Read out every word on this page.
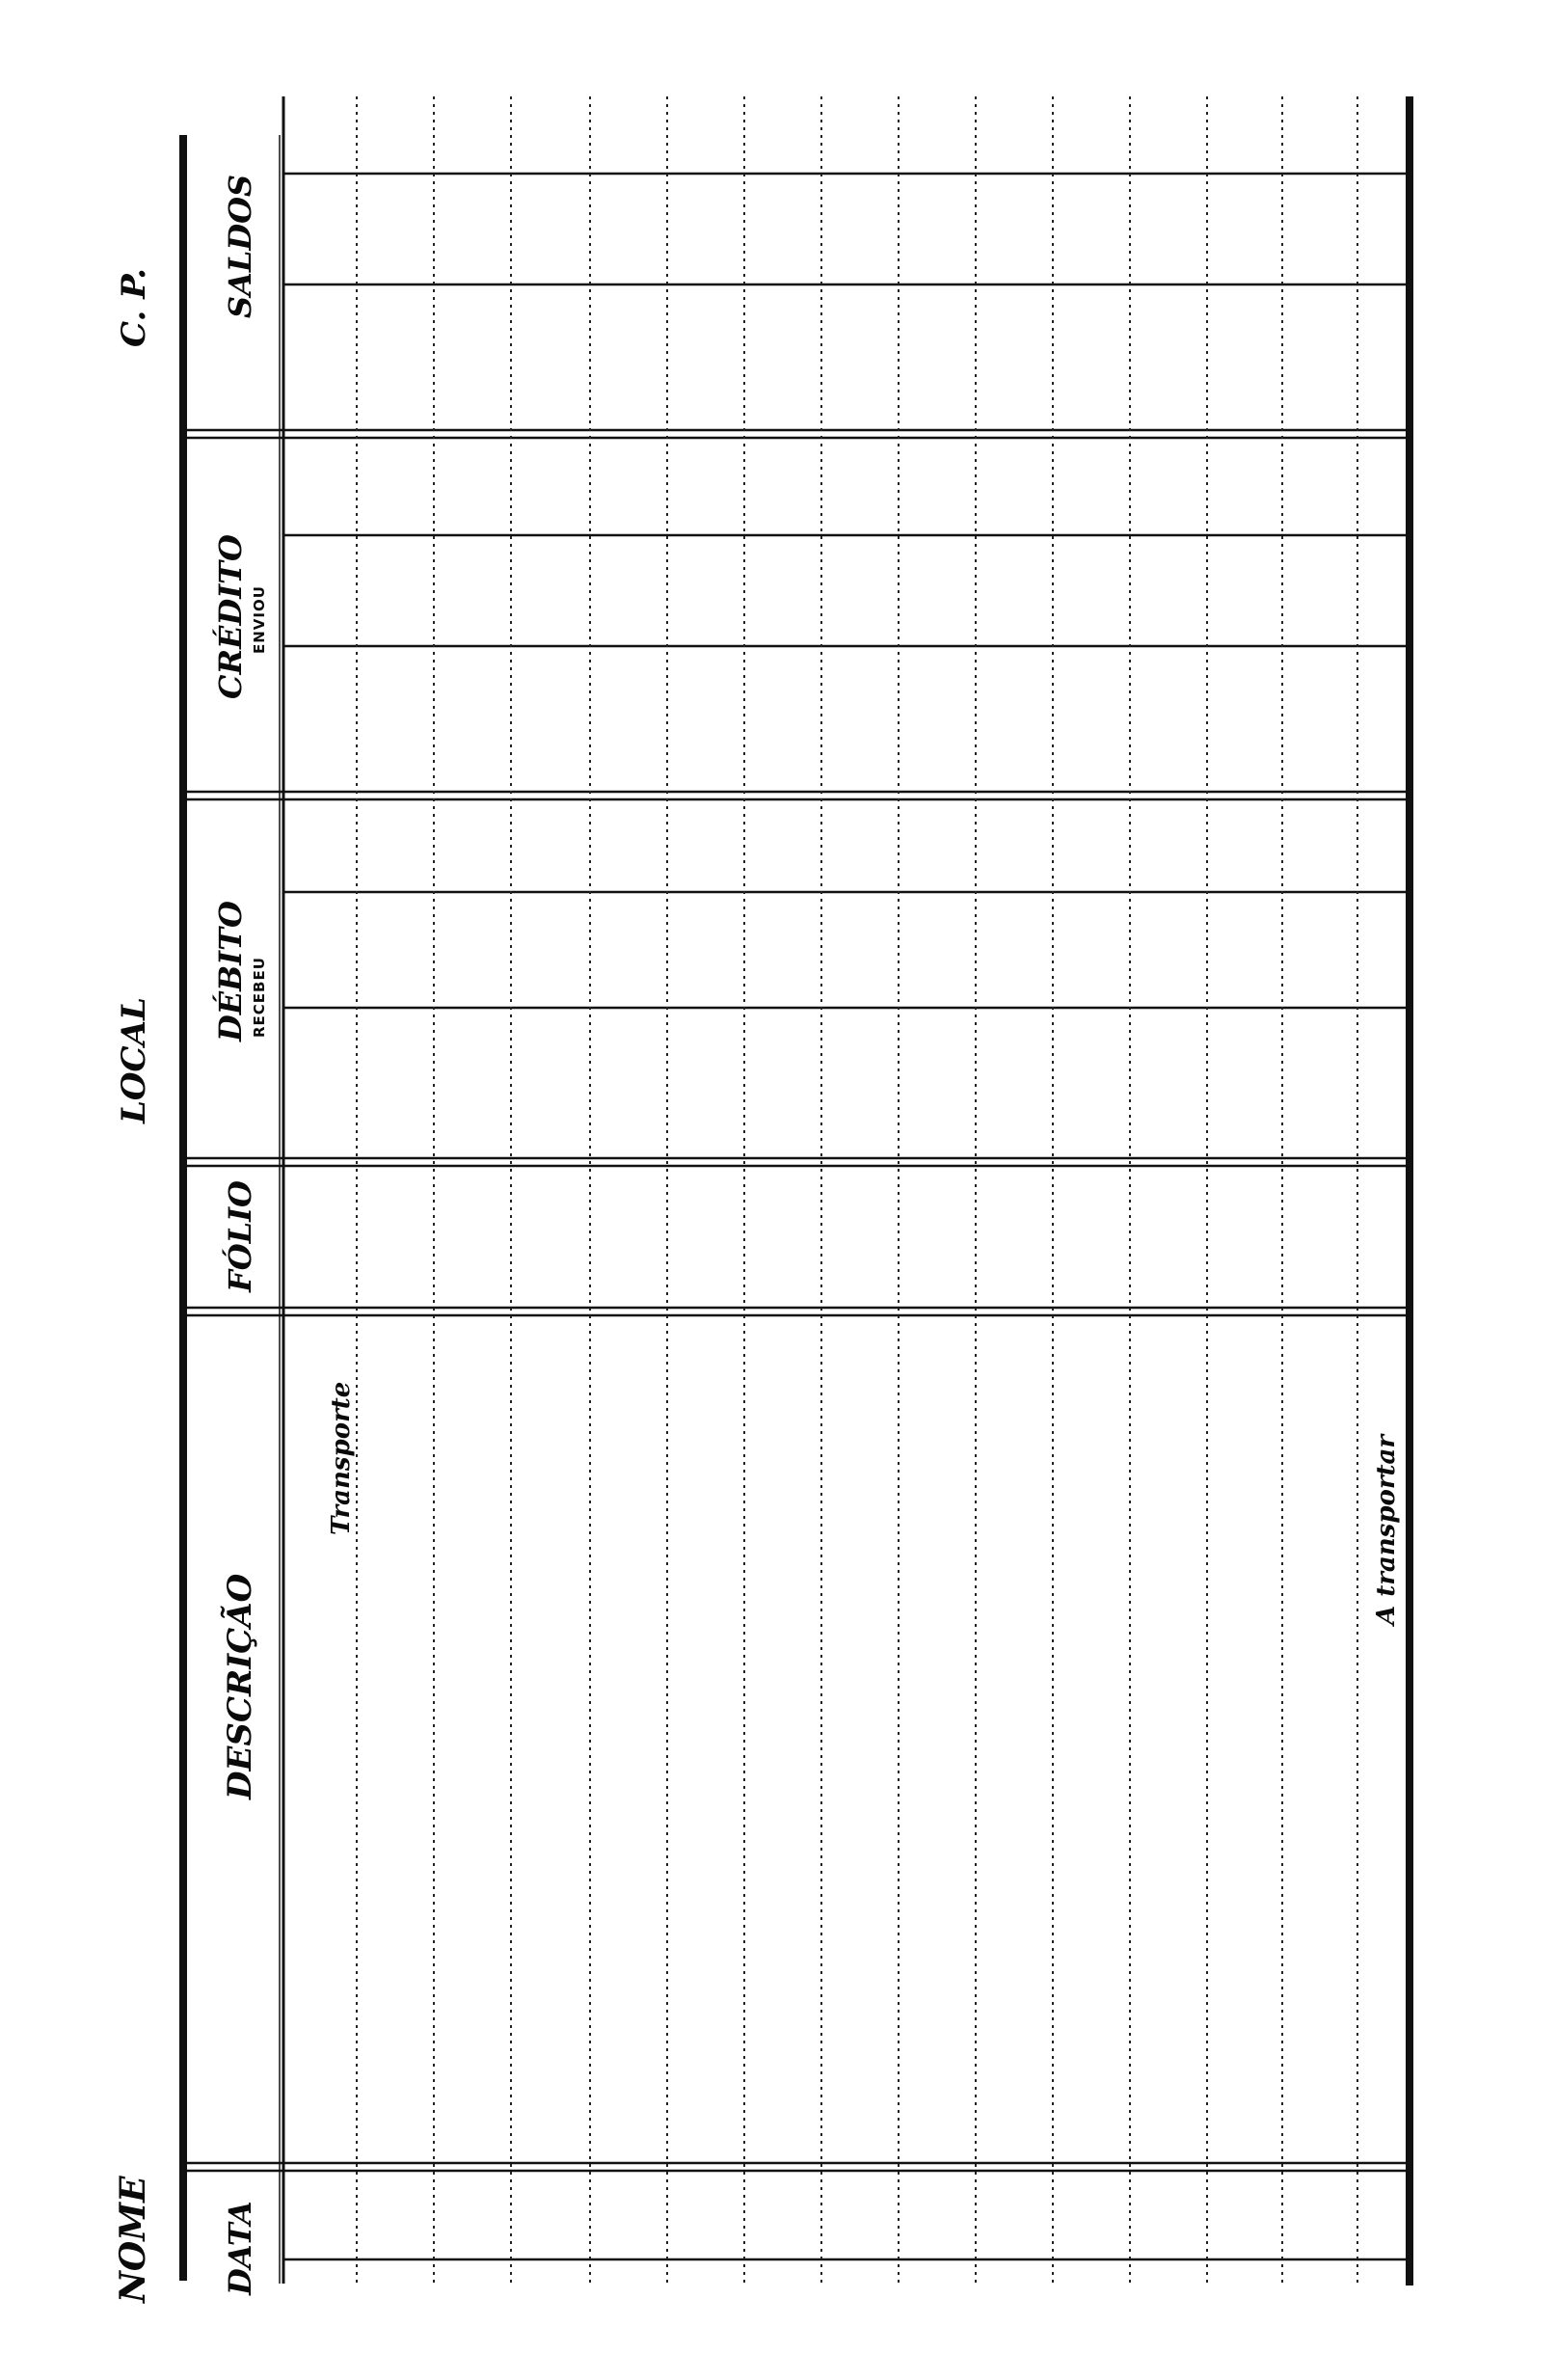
NOME
LOCAL
C. P.
DATA
DESCRIÇÃO
FÓLIO
DÉBITO RECEBEU
CRÉDITO ENVIOU
SALDOS
Transporte	A transportar
